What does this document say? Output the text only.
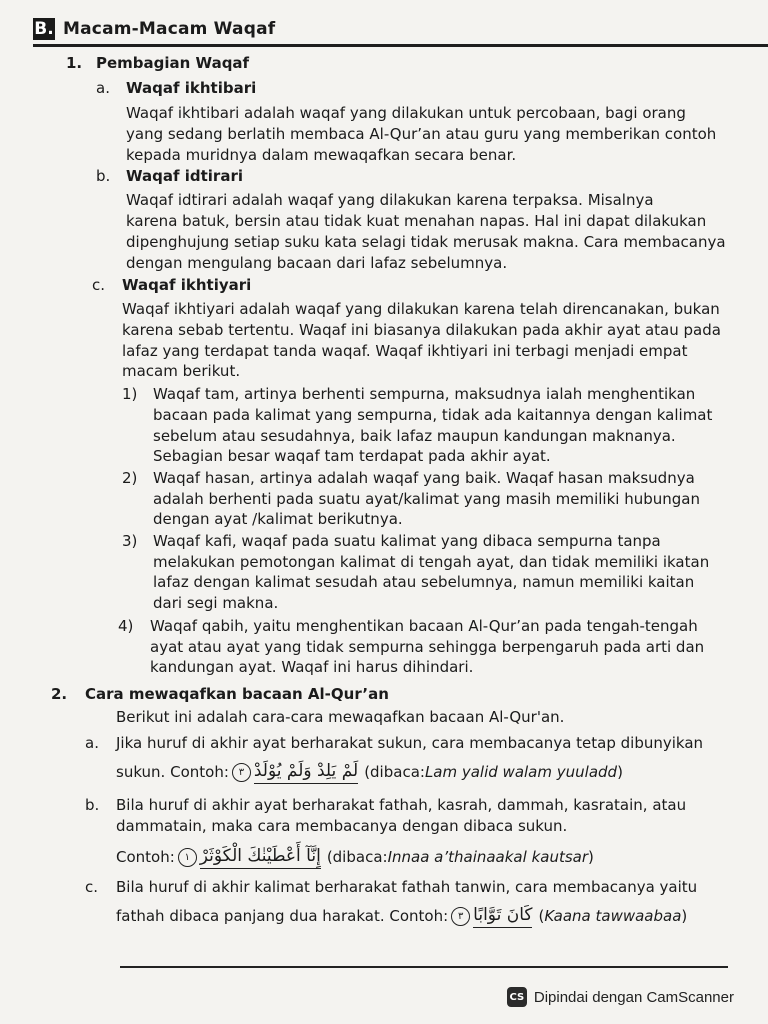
B. Macam-Macam Waqaf
1. Pembagian Waqaf
a. Waqaf ikhtibari
Waqaf ikhtibari adalah waqaf yang dilakukan untuk percobaan, bagi orang
yang sedang berlatih membaca Al-Qur’an atau guru yang memberikan contoh
kepada muridnya dalam mewaqafkan secara benar.
b. Waqaf idtirari
Waqaf idtirari adalah waqaf yang dilakukan karena terpaksa. Misalnya
karena batuk, bersin atau tidak kuat menahan napas. Hal ini dapat dilakukan
dipenghujung setiap suku kata selagi tidak merusak makna. Cara membacanya
dengan mengulang bacaan dari lafaz sebelumnya.
c. Waqaf ikhtiyari
Waqaf ikhtiyari adalah waqaf yang dilakukan karena telah direncanakan, bukan
karena sebab tertentu. Waqaf ini biasanya dilakukan pada akhir ayat atau pada
lafaz yang terdapat tanda waqaf. Waqaf ikhtiyari ini terbagi menjadi empat
macam berikut.
1) Waqaf tam, artinya berhenti sempurna, maksudnya ialah menghentikan
bacaan pada kalimat yang sempurna, tidak ada kaitannya dengan kalimat
sebelum atau sesudahnya, baik lafaz maupun kandungan maknanya.
Sebagian besar waqaf tam terdapat pada akhir ayat.
2) Waqaf hasan, artinya adalah waqaf yang baik. Waqaf hasan maksudnya
adalah berhenti pada suatu ayat/kalimat yang masih memiliki hubungan
dengan ayat /kalimat berikutnya.
3) Waqaf kafi, waqaf pada suatu kalimat yang dibaca sempurna tanpa
melakukan pemotongan kalimat di tengah ayat, dan tidak memiliki ikatan
lafaz dengan kalimat sesudah atau sebelumnya, namun memiliki kaitan
dari segi makna.
4) Waqaf qabih, yaitu menghentikan bacaan Al-Qur’an pada tengah-tengah
ayat atau ayat yang tidak sempurna sehingga berpengaruh pada arti dan
kandungan ayat. Waqaf ini harus dihindari.
2. Cara mewaqafkan bacaan Al-Qur’an
Berikut ini adalah cara-cara mewaqafkan bacaan Al-Qur'an.
a. Jika huruf di akhir ayat berharakat sukun, cara membacanya tetap dibunyikan
sukun. Contoh: ٣ لَمْ يَلِدْ وَلَمْ يُوْلَدْ (dibaca: Lam yalid walam yuuladd )
b. Bila huruf di akhir ayat berharakat fathah, kasrah, dammah, kasratain, atau
dammatain, maka cara membacanya dengan dibaca sukun.
Contoh: ١ إِنَّآ أَعْطَيْنٰكَ الْكَوْثَرْ (dibaca: Innaa a’thainaakal kautsar )
c. Bila huruf di akhir kalimat berharakat fathah tanwin, cara membacanya yaitu
fathah dibaca panjang dua harakat. Contoh: ٣ كَانَ تَوَّابًا ( Kaana tawwaabaa )
CS Dipindai dengan CamScanner
